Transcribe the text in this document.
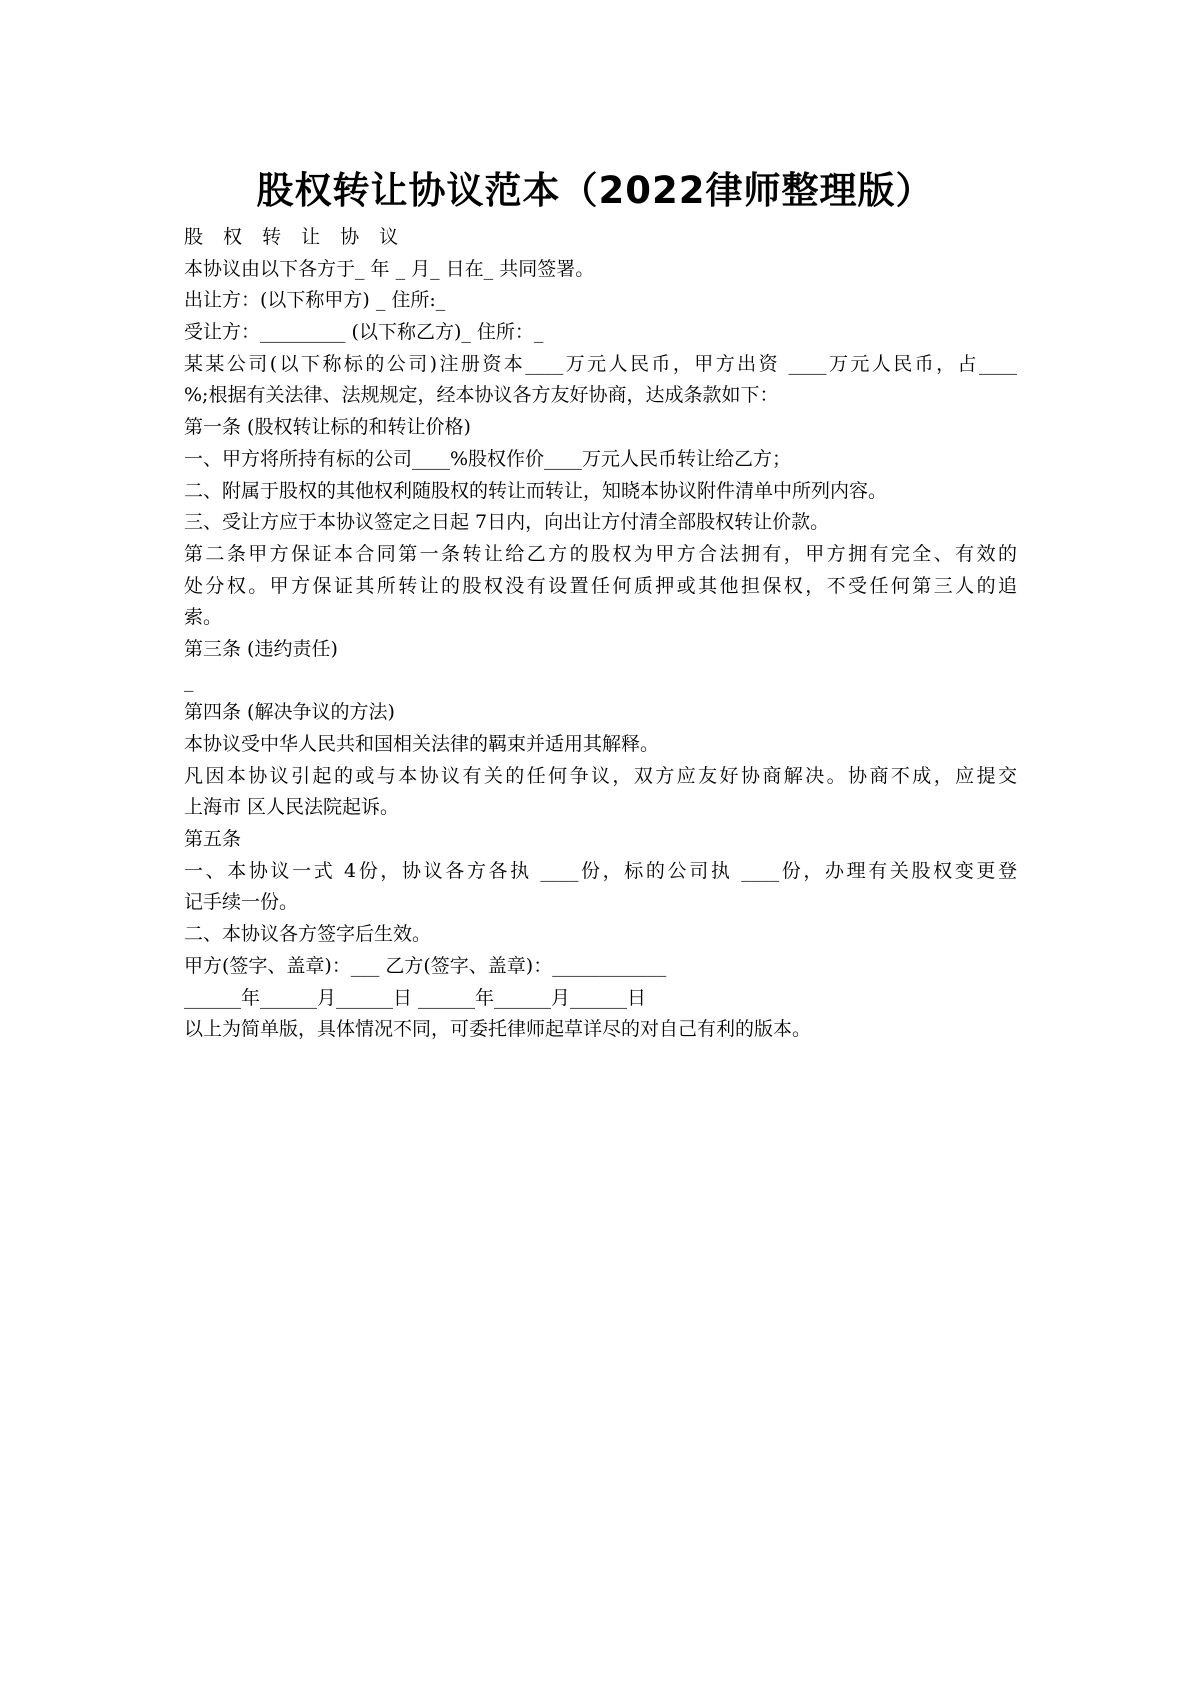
股权转让协议范本（2022律师整理版）
股 权 转 让 协 议
本协议由以下各方于_ 年 _ 月_ 日在_ 共同签署。
出让方：(以下称甲方) _ 住所:_
受让方：_________ (以下称乙方)_ 住所：_
某某公司(以下称标的公司)注册资本____万元人民币，甲方出资 ____万元人民币，占____
%;根据有关法律、法规规定，经本协议各方友好协商，达成条款如下：
第一条 (股权转让标的和转让价格)
一、甲方将所持有标的公司____%股权作价____万元人民币转让给乙方；
二、附属于股权的其他权利随股权的转让而转让，知晓本协议附件清单中所列内容。
三、受让方应于本协议签定之日起 7日内，向出让方付清全部股权转让价款。
第二条甲方保证本合同第一条转让给乙方的股权为甲方合法拥有，甲方拥有完全、有效的
处分权。甲方保证其所转让的股权没有设置任何质押或其他担保权，不受任何第三人的追
索。
第三条 (违约责任)
_
第四条 (解决争议的方法)
本协议受中华人民共和国相关法律的羁束并适用其解释。
凡因本协议引起的或与本协议有关的任何争议，双方应友好协商解决。协商不成，应提交
上海市 区人民法院起诉。
第五条
一、本协议一式 4份，协议各方各执 ____份，标的公司执 ____份，办理有关股权变更登
记手续一份。
二、本协议各方签字后生效。
甲方(签字、盖章)：___ 乙方(签字、盖章)：____________
______年______月______日 ______年______月______日
以上为简单版，具体情况不同，可委托律师起草详尽的对自己有利的版本。
